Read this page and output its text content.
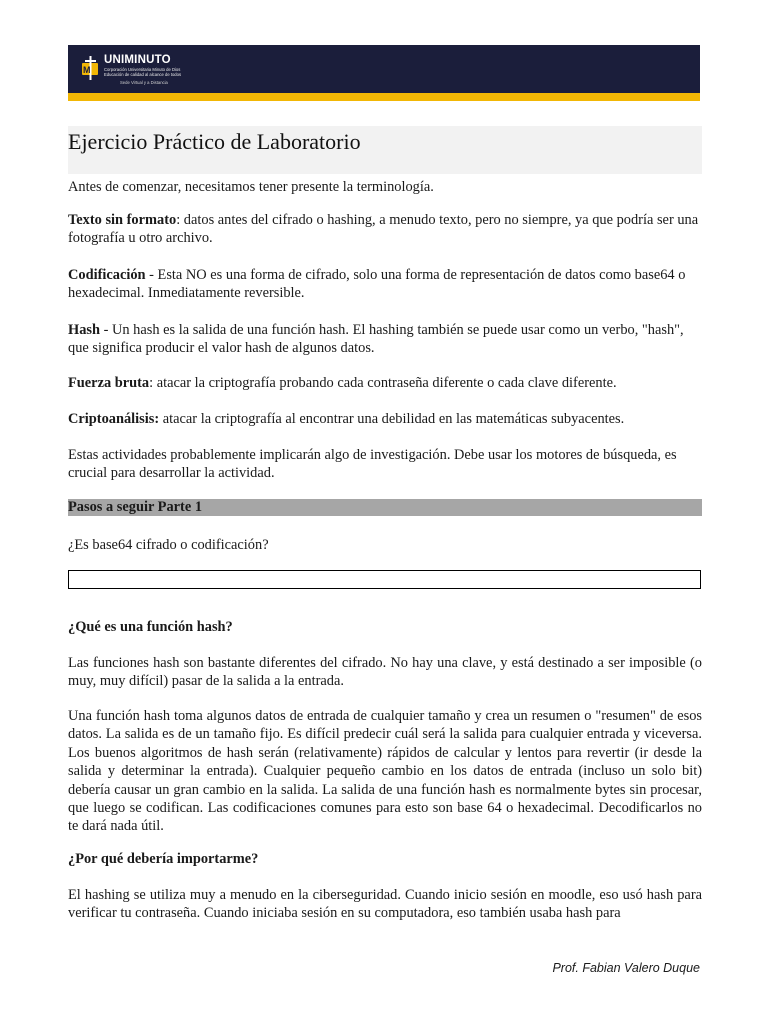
M
UNIMINUTO
Corporación Universitaria Minuto de Dios
Educación de calidad al alcance de todos
Sede Virtual y a Distancia
Ejercicio Práctico de Laboratorio

Antes de comenzar, necesitamos tener presente la terminología.

Texto sin formato: datos antes del cifrado o hashing, a menudo texto, pero no siempre, ya que podría ser una fotografía u otro archivo.

Codificación - Esta NO es una forma de cifrado, solo una forma de representación de datos como base64 o hexadecimal. Inmediatamente reversible.

Hash - Un hash es la salida de una función hash. El hashing también se puede usar como un verbo, "hash", que significa producir el valor hash de algunos datos.

Fuerza bruta: atacar la criptografía probando cada contraseña diferente o cada clave diferente.

Criptoanálisis: atacar la criptografía al encontrar una debilidad en las matemáticas subyacentes.

Estas actividades probablemente implicarán algo de investigación. Debe usar los motores de búsqueda, es crucial para desarrollar la actividad.

Pasos a seguir Parte 1

¿Es base64 cifrado o codificación?

¿Qué es una función hash?

Las funciones hash son bastante diferentes del cifrado. No hay una clave, y está destinado a ser imposible (o muy, muy difícil) pasar de la salida a la entrada.

Una función hash toma algunos datos de entrada de cualquier tamaño y crea un resumen o "resumen" de esos datos. La salida es de un tamaño fijo. Es difícil predecir cuál será la salida para cualquier entrada y viceversa. Los buenos algoritmos de hash serán (relativamente) rápidos de calcular y lentos para revertir (ir desde la salida y determinar la entrada). Cualquier pequeño cambio en los datos de entrada (incluso un solo bit) debería causar un gran cambio en la salida. La salida de una función hash es normalmente bytes sin procesar, que luego se codifican. Las codificaciones comunes para esto son base 64 o hexadecimal. Decodificarlos no te dará nada útil.

¿Por qué debería importarme?

El hashing se utiliza muy a menudo en la ciberseguridad. Cuando inicio sesión en moodle, eso usó hash para verificar tu contraseña. Cuando iniciaba sesión en su computadora, eso también usaba hash para

Prof. Fabian Valero Duque
